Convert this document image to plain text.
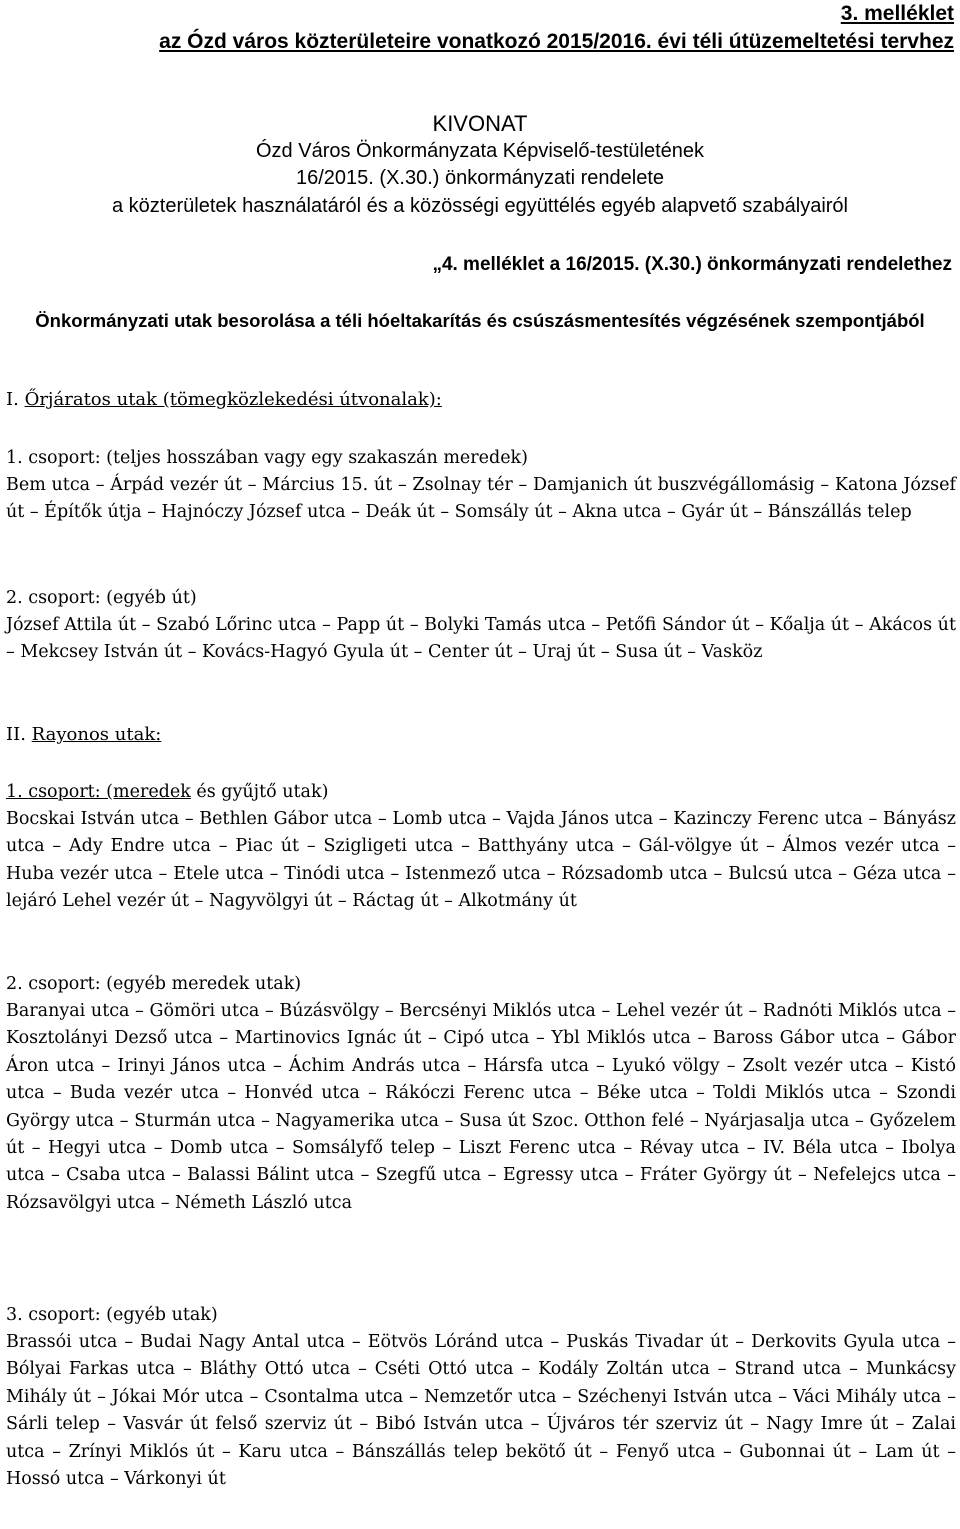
3. melléklet
az Ózd város közterületeire vonatkozó 2015/2016. évi téli útüzemeltetési tervhez
KIVONAT
Ózd Város Önkormányzata Képviselő-testületének
16/2015. (X.30.) önkormányzati rendelete
a közterületek használatáról és a közösségi együttélés egyéb alapvető szabályairól
„4. melléklet a 16/2015. (X.30.) önkormányzati rendelethez
Önkormányzati utak besorolása a téli hóeltakarítás és csúszásmentesítés végzésének szempontjából
I. Őrjáratos utak (tömegközlekedési útvonalak):
1. csoport: (teljes hosszában vagy egy szakaszán meredek)
Bem utca – Árpád vezér út – Március 15. út – Zsolnay tér – Damjanich út buszvégállomásig – Katona József út – Építők útja – Hajnóczy József utca – Deák út – Somsály út – Akna utca – Gyár út – Bánszállás telep
2. csoport: (egyéb út)
József Attila út – Szabó Lőrinc utca – Papp út – Bolyki Tamás utca – Petőfi Sándor út – Kőalja út – Akácos út – Mekcsey István út – Kovács-Hagyó Gyula út – Center út – Uraj út – Susa út – Vasköz
II. Rayonos utak:
1. csoport: (meredek és gyűjtő utak)
Bocskai István utca – Bethlen Gábor utca – Lomb utca – Vajda János utca – Kazinczy Ferenc utca – Bányász utca – Ady Endre utca – Piac út – Szigligeti utca – Batthyány utca – Gál-völgye út – Álmos vezér utca – Huba vezér utca – Etele utca – Tinódi utca – Istenmező utca – Rózsadomb utca – Bulcsú utca – Géza utca – lejáró Lehel vezér út – Nagyvölgyi út – Ráctag út – Alkotmány út
2. csoport: (egyéb meredek utak)
Baranyai utca – Gömöri utca – Búzásvölgy – Bercsényi Miklós utca – Lehel vezér út – Radnóti Miklós utca – Kosztolányi Dezső utca – Martinovics Ignác út – Cipó utca – Ybl Miklós utca – Baross Gábor utca – Gábor Áron utca – Irinyi János utca – Áchim András utca – Hársfa utca – Lyukó völgy – Zsolt vezér utca – Kistó utca – Buda vezér utca – Honvéd utca – Rákóczi Ferenc utca – Béke utca – Toldi Miklós utca – Szondi György utca – Sturmán utca – Nagyamerika utca – Susa út Szoc. Otthon felé – Nyárjasalja utca – Győzelem út – Hegyi utca – Domb utca – Somsályfő telep – Liszt Ferenc utca – Révay utca – IV. Béla utca – Ibolya utca – Csaba utca – Balassi Bálint utca – Szegfű utca – Egressy utca – Fráter György út – Nefelejcs utca – Rózsavölgyi utca – Németh László utca
3. csoport: (egyéb utak)
Brassói utca – Budai Nagy Antal utca – Eötvös Lóránd utca – Puskás Tivadar út – Derkovits Gyula utca – Bólyai Farkas utca – Bláthy Ottó utca – Cséti Ottó utca – Kodály Zoltán utca – Strand utca – Munkácsy Mihály út – Jókai Mór utca – Csontalma utca – Nemzetőr utca – Széchenyi István utca – Váci Mihály utca – Sárli telep – Vasvár út felső szerviz út – Bibó István utca – Újváros tér szerviz út – Nagy Imre út – Zalai utca – Zrínyi Miklós út – Karu utca – Bánszállás telep bekötő út – Fenyő utca – Gubonnai út – Lam út – Hossó utca – Várkonyi út
